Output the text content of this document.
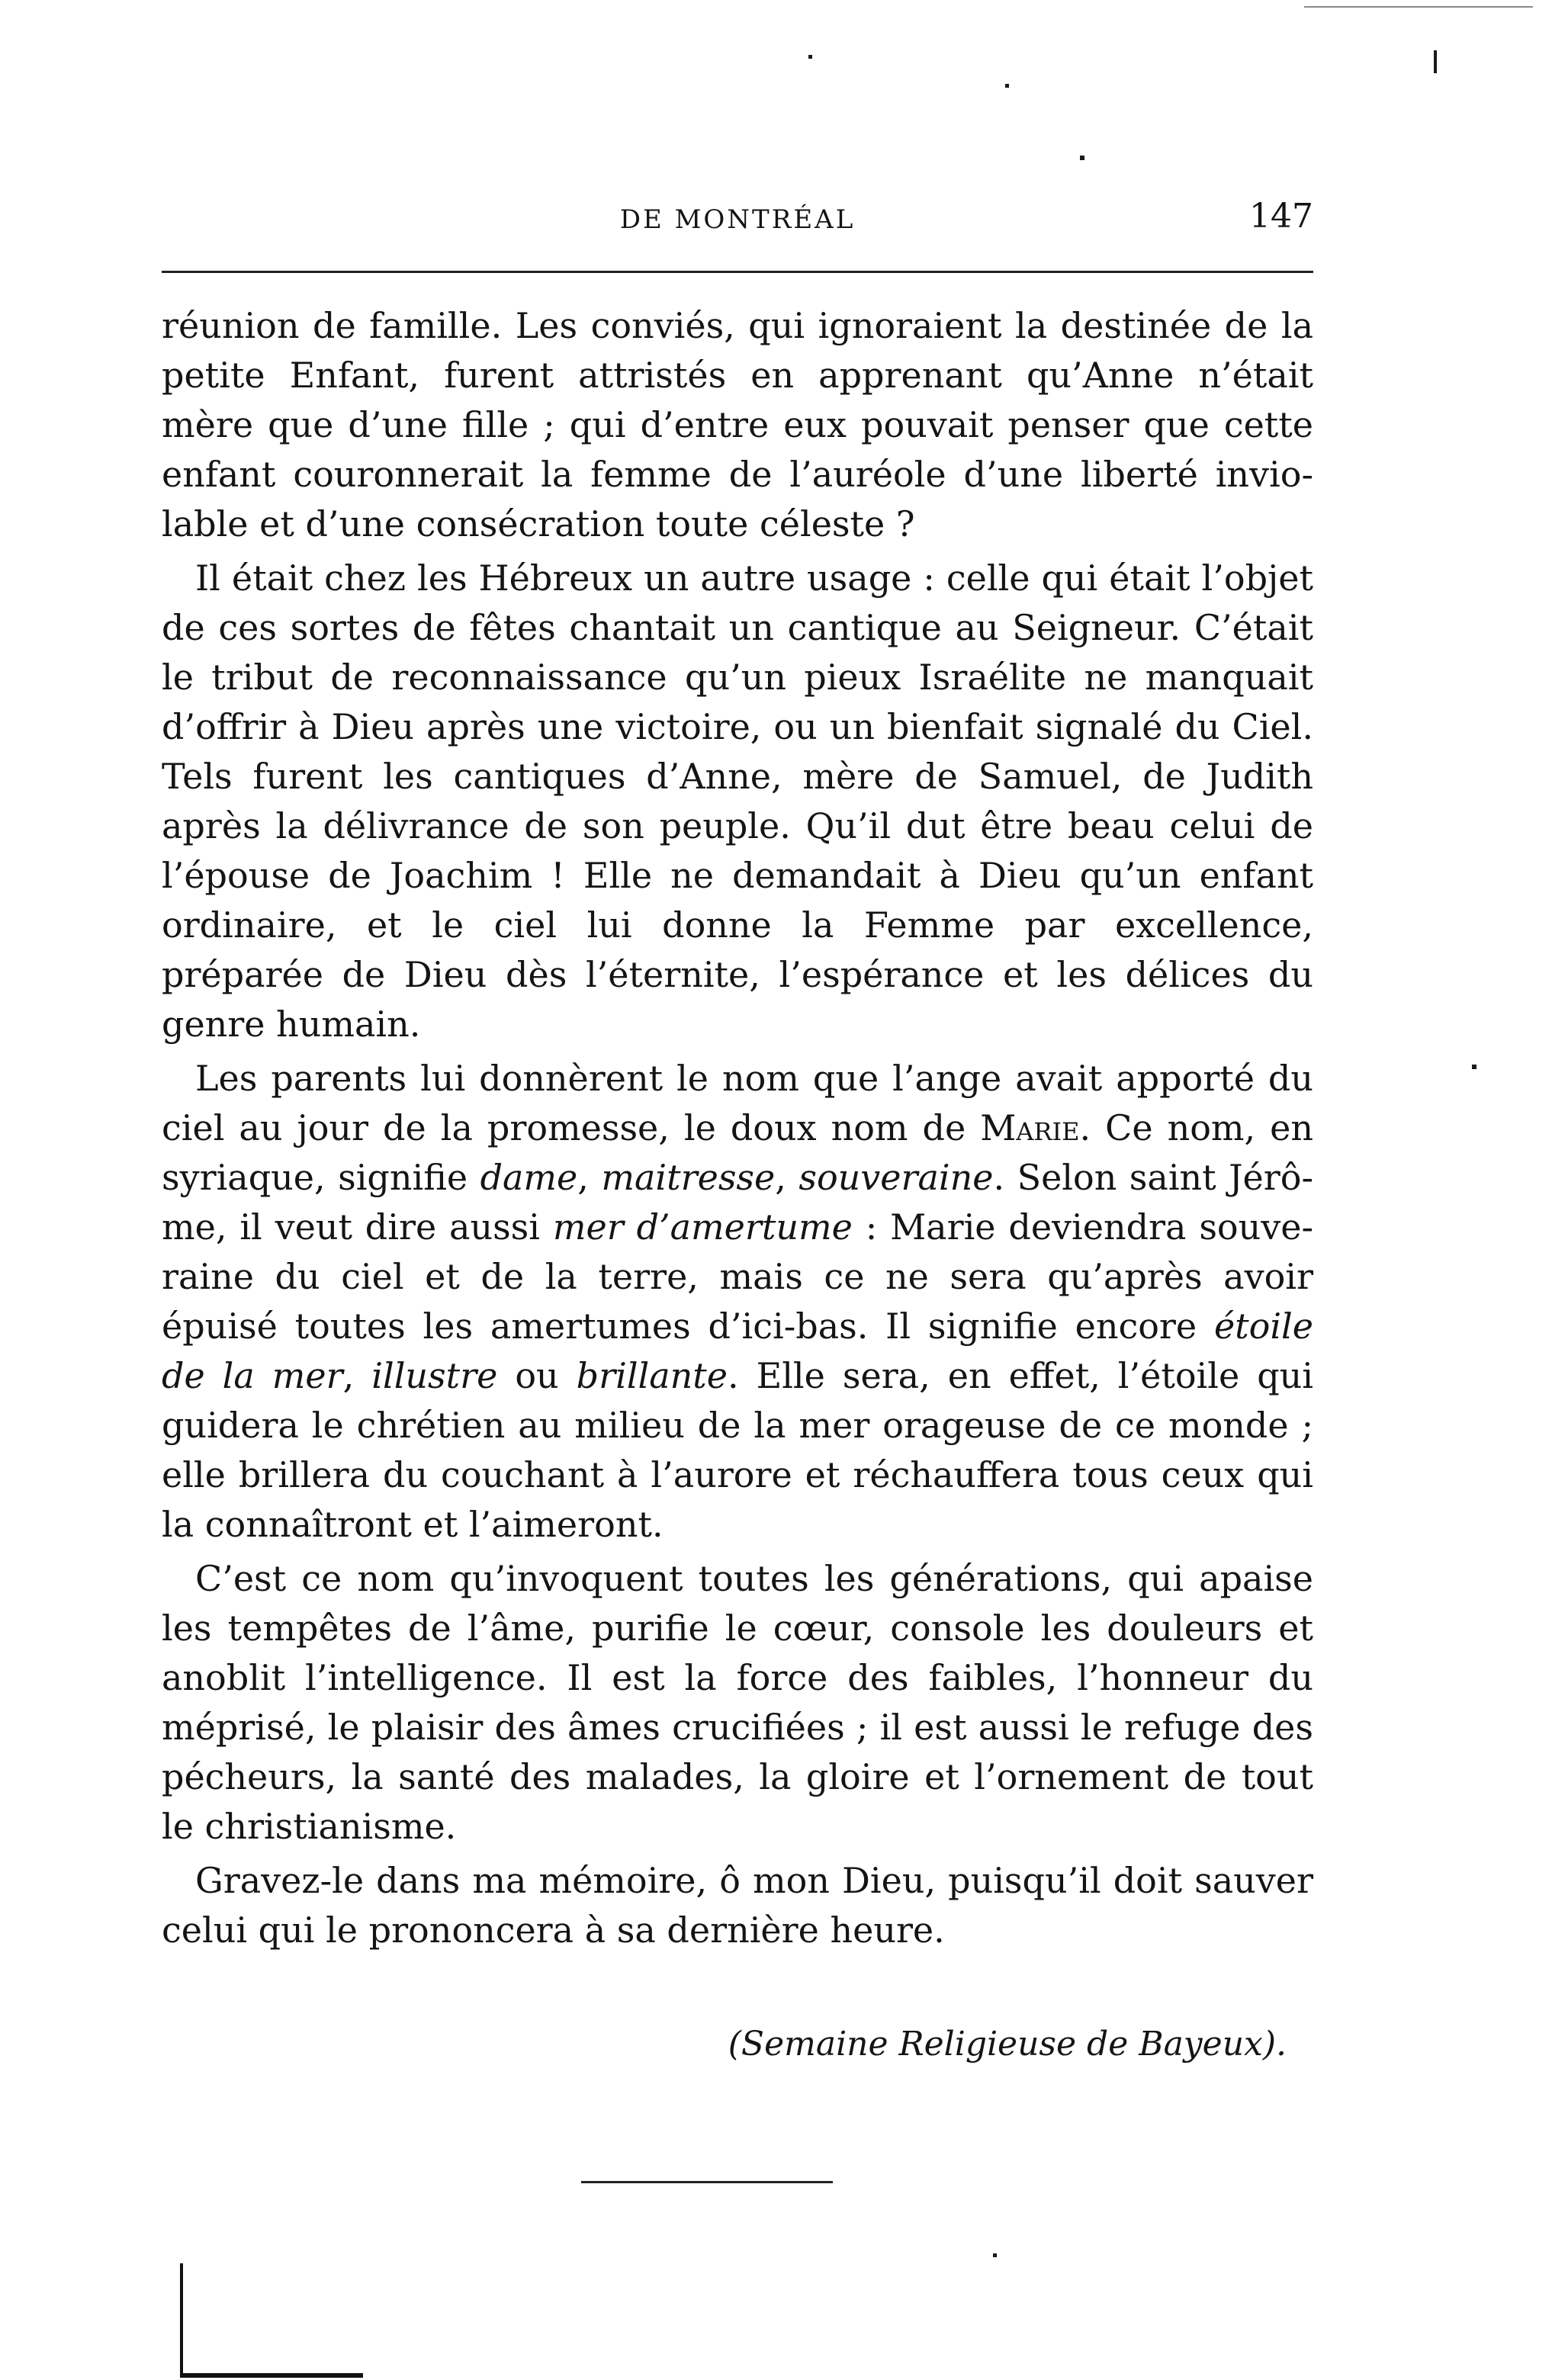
DE MONTRÉAL	147

réunion de famille. Les conviés, qui ignoraient la destinée de la petite Enfant, furent attristés en apprenant qu’Anne n’était mère que d’une fille ; qui d’entre eux pouvait penser que cette enfant couronnerait la femme de l’auréole d’une liberté inviolable et d’une consécration toute céleste ?

Il était chez les Hébreux un autre usage : celle qui était l’objet de ces sortes de fêtes chantait un cantique au Seigneur. C’était le tribut de reconnaissance qu’un pieux Israélite ne manquait d’offrir à Dieu après une victoire, ou un bienfait signalé du Ciel. Tels furent les cantiques d’Anne, mère de Samuel, de Judith après la délivrance de son peuple. Qu’il dut être beau celui de l’épouse de Joachim ! Elle ne demandait à Dieu qu’un enfant ordinaire, et le ciel lui donne la Femme par excellence, préparée de Dieu dès l’éternite, l’espérance et les délices du genre humain.

Les parents lui donnèrent le nom que l’ange avait apporté du ciel au jour de la promesse, le doux nom de Marie. Ce nom, en syriaque, signifie dame, maitresse, souveraine. Selon saint Jérôme, il veut dire aussi mer d’amertume : Marie deviendra souveraine du ciel et de la terre, mais ce ne sera qu’après avoir épuisé toutes les amertumes d’ici-bas. Il signifie encore étoile de la mer, illustre ou brillante. Elle sera, en effet, l’étoile qui guidera le chrétien au milieu de la mer orageuse de ce monde ; elle brillera du couchant à l’aurore et réchauffera tous ceux qui la connaîtront et l’aimeront.

C’est ce nom qu’invoquent toutes les générations, qui apaise les tempêtes de l’âme, purifie le cœur, console les douleurs et anoblit l’intelligence. Il est la force des faibles, l’honneur du méprisé, le plaisir des âmes crucifiées ; il est aussi le refuge des pécheurs, la santé des malades, la gloire et l’ornement de tout le christianisme.

Gravez-le dans ma mémoire, ô mon Dieu, puisqu’il doit sauver celui qui le prononcera à sa dernière heure.

(Semaine Religieuse de Bayeux).
